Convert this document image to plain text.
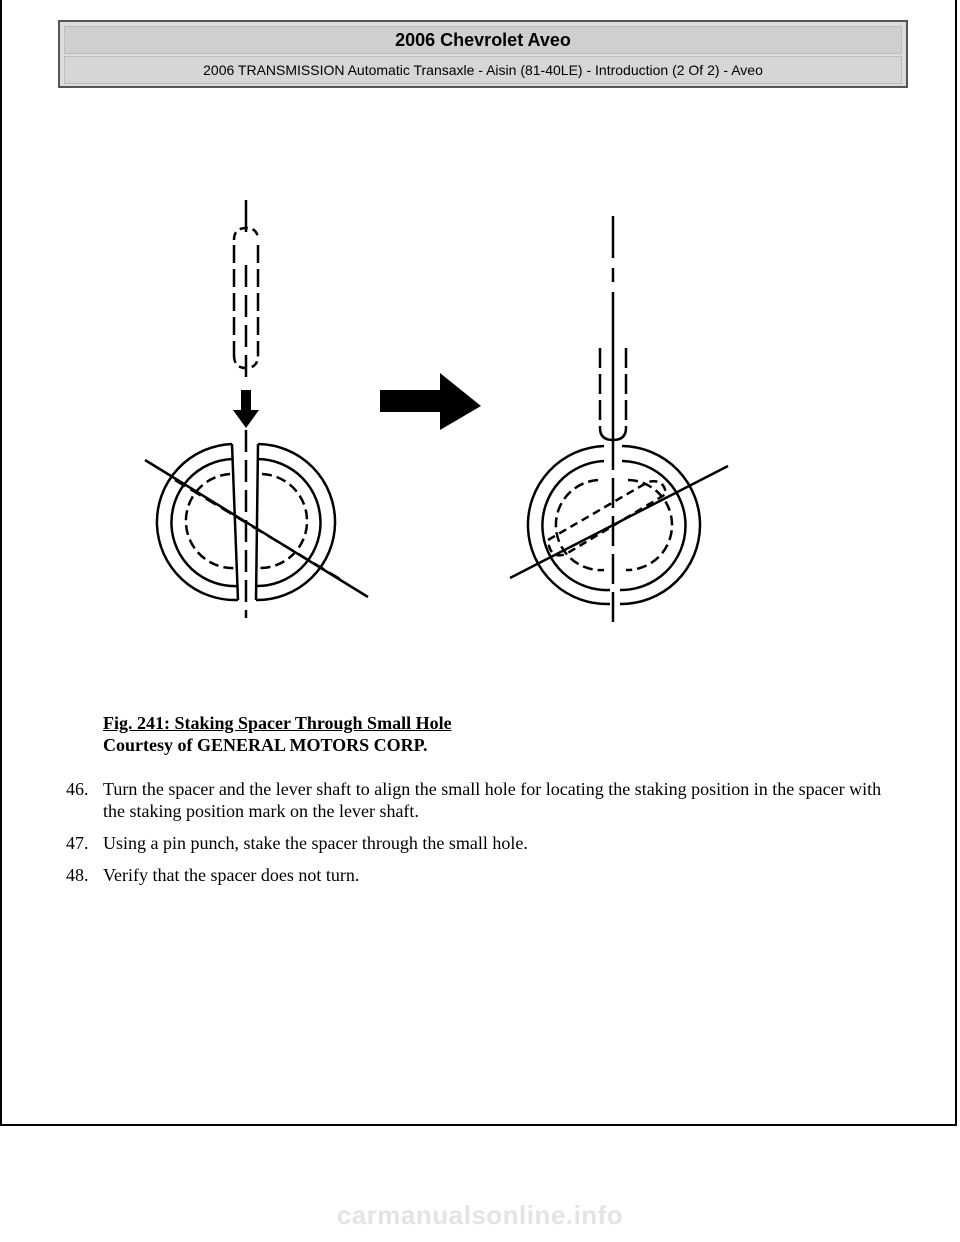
2006 Chevrolet Aveo
2006 TRANSMISSION Automatic Transaxle - Aisin (81-40LE) - Introduction (2 Of 2) - Aveo
Fig. 241: Staking Spacer Through Small Hole
Courtesy of GENERAL MOTORS CORP.
46. Turn the spacer and the lever shaft to align the small hole for locating the staking position in the spacer with the staking position mark on the lever shaft.
47. Using a pin punch, stake the spacer through the small hole.
48. Verify that the spacer does not turn.
carmanualsonline.info
